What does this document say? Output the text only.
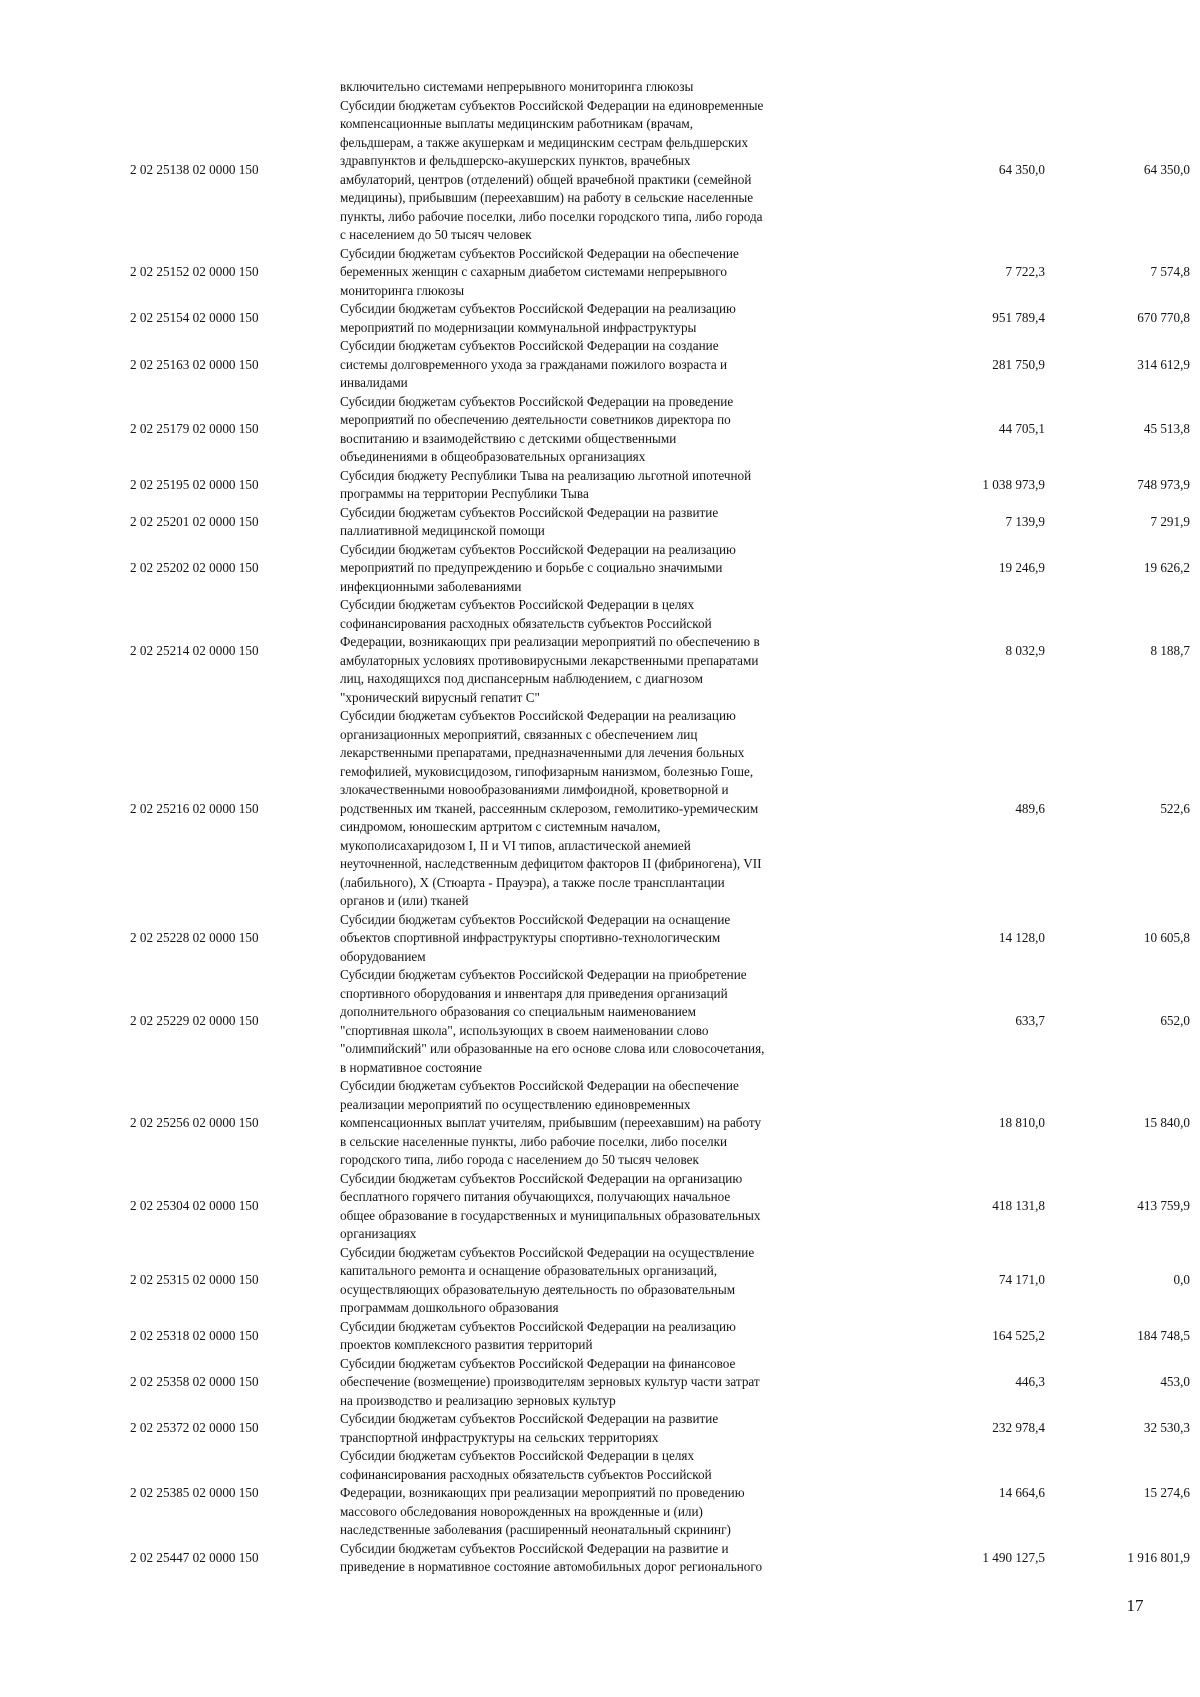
включительно системами непрерывного мониторинга глюкозы
2 02 25138 02 0000 150
Субсидии бюджетам субъектов Российской Федерации на единовременные
компенсационные выплаты медицинским работникам (врачам,
фельдшерам, а также акушеркам и медицинским сестрам фельдшерских
здравпунктов и фельдшерско-акушерских пунктов, врачебных
амбулаторий, центров (отделений) общей врачебной практики (семейной
медицины), прибывшим (переехавшим) на работу в сельские населенные
пункты, либо рабочие поселки, либо поселки городского типа, либо города
с населением до 50 тысяч человек
64 350,0	64 350,0
2 02 25152 02 0000 150
Субсидии бюджетам субъектов Российской Федерации на обеспечение
беременных женщин с сахарным диабетом системами непрерывного
мониторинга глюкозы
7 722,3	7 574,8
2 02 25154 02 0000 150
Субсидии бюджетам субъектов Российской Федерации на реализацию
мероприятий по модернизации коммунальной инфраструктуры
951 789,4	670 770,8
2 02 25163 02 0000 150
Субсидии бюджетам субъектов Российской Федерации на создание
системы долговременного ухода за гражданами пожилого возраста и
инвалидами
281 750,9	314 612,9
2 02 25179 02 0000 150
Субсидии бюджетам субъектов Российской Федерации на проведение
мероприятий по обеспечению деятельности советников директора по
воспитанию и взаимодействию с детскими общественными
объединениями в общеобразовательных организациях
44 705,1	45 513,8
2 02 25195 02 0000 150
Субсидия бюджету Республики Тыва на реализацию льготной ипотечной
программы на территории Республики Тыва
1 038 973,9	748 973,9
2 02 25201 02 0000 150
Субсидии бюджетам субъектов Российской Федерации на развитие
паллиативной медицинской помощи
7 139,9	7 291,9
2 02 25202 02 0000 150
Субсидии бюджетам субъектов Российской Федерации на реализацию
мероприятий по предупреждению и борьбе с социально значимыми
инфекционными заболеваниями
19 246,9	19 626,2
2 02 25214 02 0000 150
Субсидии бюджетам субъектов Российской Федерации в целях
софинансирования расходных обязательств субъектов Российской
Федерации, возникающих при реализации мероприятий по обеспечению в
амбулаторных условиях противовирусными лекарственными препаратами
лиц, находящихся под диспансерным наблюдением, с диагнозом
"хронический вирусный гепатит С"
8 032,9	8 188,7
2 02 25216 02 0000 150
Субсидии бюджетам субъектов Российской Федерации на реализацию
организационных мероприятий, связанных с обеспечением лиц
лекарственными препаратами, предназначенными для лечения больных
гемофилией, муковисцидозом, гипофизарным нанизмом, болезнью Гоше,
злокачественными новообразованиями лимфоидной, кроветворной и
родственных им тканей, рассеянным склерозом, гемолитико-уремическим
синдромом, юношеским артритом с системным началом,
мукополисахаридозом I, II и VI типов, апластической анемией
неуточненной, наследственным дефицитом факторов II (фибриногена), VII
(лабильного), X (Стюарта - Прауэра), а также после трансплантации
органов и (или) тканей
489,6	522,6
2 02 25228 02 0000 150
Субсидии бюджетам субъектов Российской Федерации на оснащение
объектов спортивной инфраструктуры спортивно-технологическим
оборудованием
14 128,0	10 605,8
2 02 25229 02 0000 150
Субсидии бюджетам субъектов Российской Федерации на приобретение
спортивного оборудования и инвентаря для приведения организаций
дополнительного образования со специальным наименованием
"спортивная школа", использующих в своем наименовании слово
"олимпийский" или образованные на его основе слова или словосочетания,
в нормативное состояние
633,7	652,0
2 02 25256 02 0000 150
Субсидии бюджетам субъектов Российской Федерации на обеспечение
реализации мероприятий по осуществлению единовременных
компенсационных выплат учителям, прибывшим (переехавшим) на работу
в сельские населенные пункты, либо рабочие поселки, либо поселки
городского типа, либо города с населением до 50 тысяч человек
18 810,0	15 840,0
2 02 25304 02 0000 150
Субсидии бюджетам субъектов Российской Федерации на организацию
бесплатного горячего питания обучающихся, получающих начальное
общее образование в государственных и муниципальных образовательных
организациях
418 131,8	413 759,9
2 02 25315 02 0000 150
Субсидии бюджетам субъектов Российской Федерации на осуществление
капитального ремонта и оснащение образовательных организаций,
осуществляющих образовательную деятельность по образовательным
программам дошкольного образования
74 171,0	0,0
2 02 25318 02 0000 150
Субсидии бюджетам субъектов Российской Федерации на реализацию
проектов комплексного развития территорий
164 525,2	184 748,5
2 02 25358 02 0000 150
Субсидии бюджетам субъектов Российской Федерации на финансовое
обеспечение (возмещение) производителям зерновых культур части затрат
на производство и реализацию зерновых культур
446,3	453,0
2 02 25372 02 0000 150
Субсидии бюджетам субъектов Российской Федерации на развитие
транспортной инфраструктуры на сельских территориях
232 978,4	32 530,3
2 02 25385 02 0000 150
Субсидии бюджетам субъектов Российской Федерации в целях
софинансирования расходных обязательств субъектов Российской
Федерации, возникающих при реализации мероприятий по проведению
массового обследования новорожденных на врожденные и (или)
наследственные заболевания (расширенный неонатальный скрининг)
14 664,6	15 274,6
2 02 25447 02 0000 150
Субсидии бюджетам субъектов Российской Федерации на развитие и
приведение в нормативное состояние автомобильных дорог регионального
1 490 127,5	1 916 801,9
17
